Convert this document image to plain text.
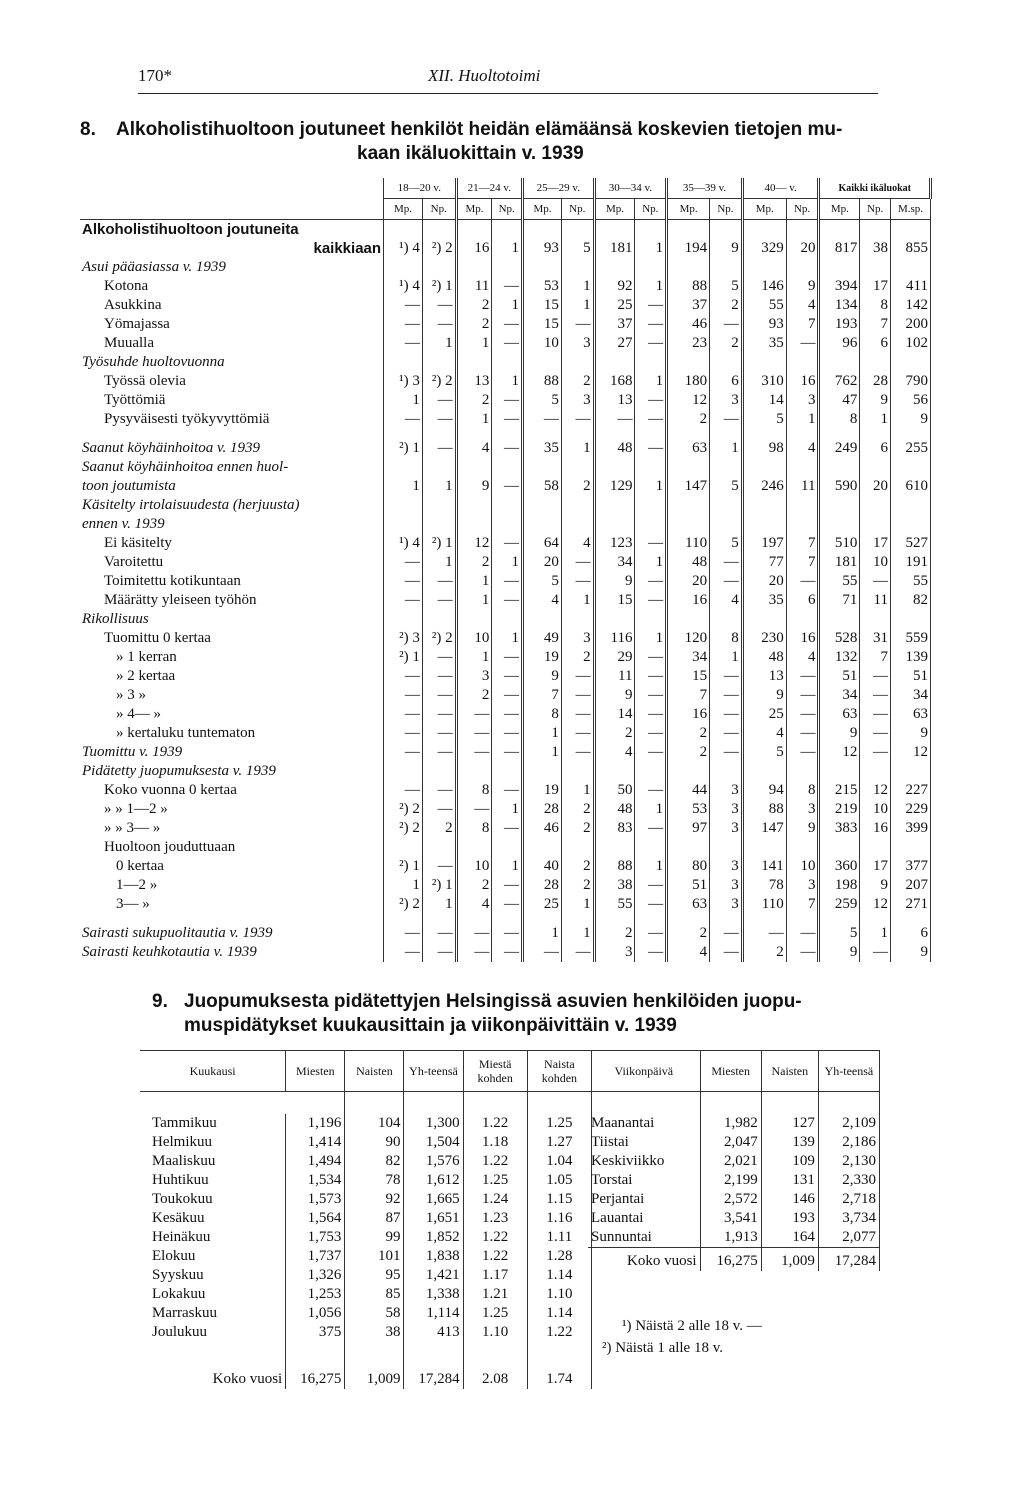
170*	XII. Huoltotoimi
8. Alkoholistihuoltoon joutuneet henkilöt heidän elämäänsä koskevien tietojen mu-
kaan ikäluokittain v. 1939
	18—20 v.		21—24 v.		25—29 v.		30—34 v.		35—39 v.		40— v.		Kaikki ikäluokat		
	Mp.	Np.	Mp.	Np.	Mp.	Np.	Mp.	Np.	Mp.	Np.	Mp.	Np.	Mp.	Np.	M.sp.
Alkoholistihuoltoon joutuneita															
kaikkiaan	¹) 4	²) 2	16	1	93	5	181	1	194	9	329	20	817	38	855
Asui pääasiassa v. 1939															
Kotona	¹) 4	²) 1	11	—	53	1	92	1	88	5	146	9	394	17	411
Asukkina	—	—	2	1	15	1	25	—	37	2	55	4	134	8	142
Yömajassa	—	—	2	—	15	—	37	—	46	—	93	7	193	7	200
Muualla	—	1	1	—	10	3	27	—	23	2	35	—	96	6	102
Työsuhde huoltovuonna															
Työssä olevia	¹) 3	²) 2	13	1	88	2	168	1	180	6	310	16	762	28	790
Työttömiä	1	—	2	—	5	3	13	—	12	3	14	3	47	9	56
Pysyväisesti työkyvyttömiä	—	—	1	—	—	—	—	—	2	—	5	1	8	1	9

Saanut köyhäinhoitoa v. 1939	²) 1	—	4	—	35	1	48	—	63	1	98	4	249	6	255
Saanut köyhäinhoitoa ennen huol-															
toon joutumista	1	1	9	—	58	2	129	1	147	5	246	11	590	20	610
Käsitelty irtolaisuudesta (herjuusta)															
ennen v. 1939															
Ei käsitelty	¹) 4	²) 1	12	—	64	4	123	—	110	5	197	7	510	17	527
Varoitettu	—	1	2	1	20	—	34	1	48	—	77	7	181	10	191
Toimitettu kotikuntaan	—	—	1	—	5	—	9	—	20	—	20	—	55	—	55
Määrätty yleiseen työhön	—	—	1	—	4	1	15	—	16	4	35	6	71	11	82
Rikollisuus															
Tuomittu 0 kertaa	²) 3	²) 2	10	1	49	3	116	1	120	8	230	16	528	31	559
» 1 kerran	²) 1	—	1	—	19	2	29	—	34	1	48	4	132	7	139
» 2 kertaa	—	—	3	—	9	—	11	—	15	—	13	—	51	—	51
» 3 »	—	—	2	—	7	—	9	—	7	—	9	—	34	—	34
» 4— »	—	—	—	—	8	—	14	—	16	—	25	—	63	—	63
» kertaluku tuntematon	—	—	—	—	1	—	2	—	2	—	4	—	9	—	9
Tuomittu v. 1939	—	—	—	—	1	—	4	—	2	—	5	—	12	—	12
Pidätetty juopumuksesta v. 1939															
Koko vuonna 0 kertaa	—	—	8	—	19	1	50	—	44	3	94	8	215	12	227
» » 1—2 »	²) 2	—	—	1	28	2	48	1	53	3	88	3	219	10	229
» » 3— »	²) 2	2	8	—	46	2	83	—	97	3	147	9	383	16	399
Huoltoon jouduttuaan															
0 kertaa	²) 1	—	10	1	40	2	88	1	80	3	141	10	360	17	377
1—2 »	1	²) 1	2	—	28	2	38	—	51	3	78	3	198	9	207
3— »	²) 2	1	4	—	25	1	55	—	63	3	110	7	259	12	271

Sairasti sukupuolitautia v. 1939	—	—	—	—	1	1	2	—	2	—	—	—	5	1	6
Sairasti keuhkotautia v. 1939	—	—	—	—	—	—	3	—	4	—	2	—	9	—	9
9. Juopumuksesta pidätettyjen Helsingissä asuvien henkilöiden juopu-
muspidätykset kuukausittain ja viikonpäivittäin v. 1939
Kuukausi	Miesten	Naisten	Yh-teensä	Miestä kohden	Naista kohden

Tammikuu	1,196	104	1,300	1.22	1.25
Helmikuu	1,414	90	1,504	1.18	1.27
Maaliskuu	1,494	82	1,576	1.22	1.04
Huhtikuu	1,534	78	1,612	1.25	1.05
Toukokuu	1,573	92	1,665	1.24	1.15
Kesäkuu	1,564	87	1,651	1.23	1.16
Heinäkuu	1,753	99	1,852	1.22	1.11
Elokuu	1,737	101	1,838	1.22	1.28
Syyskuu	1,326	95	1,421	1.17	1.14
Lokakuu	1,253	85	1,338	1.21	1.10
Marraskuu	1,056	58	1,114	1.25	1.14
Joulukuu	375	38	413	1.10	1.22

Koko vuosi	16,275	1,009	17,284	2.08	1.74
Viikonpäivä	Miesten	Naisten	Yh-teensä

Maanantai	1,982	127	2,109
Tiistai	2,047	139	2,186
Keskiviikko	2,021	109	2,130
Torstai	2,199	131	2,330
Perjantai	2,572	146	2,718
Lauantai	3,541	193	3,734
Sunnuntai	1,913	164	2,077
Koko vuosi	16,275	1,009	17,284
¹) Näistä 2 alle 18 v. —
²) Näistä 1 alle 18 v.
